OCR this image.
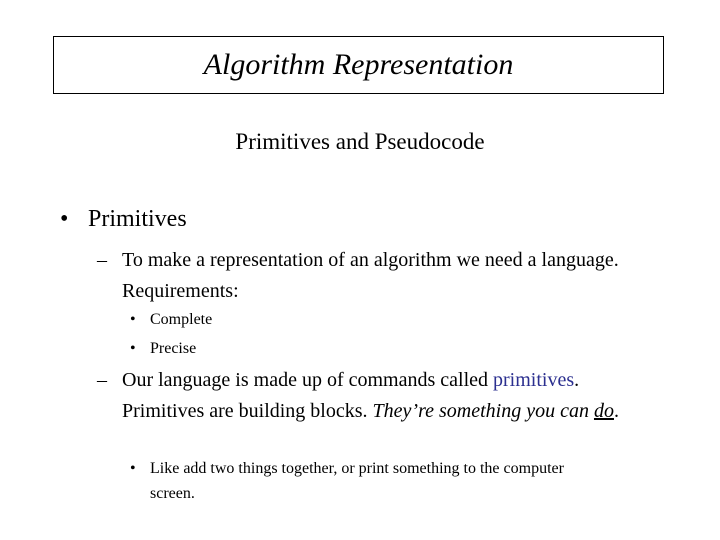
Algorithm Representation
Primitives and Pseudocode
• Primitives
– To make a representation of an algorithm we need a language. Requirements:
• Complete
• Precise
– Our language is made up of commands called primitives. Primitives are building blocks. They’re something you can do.
• Like add two things together, or print something to the computer screen.
